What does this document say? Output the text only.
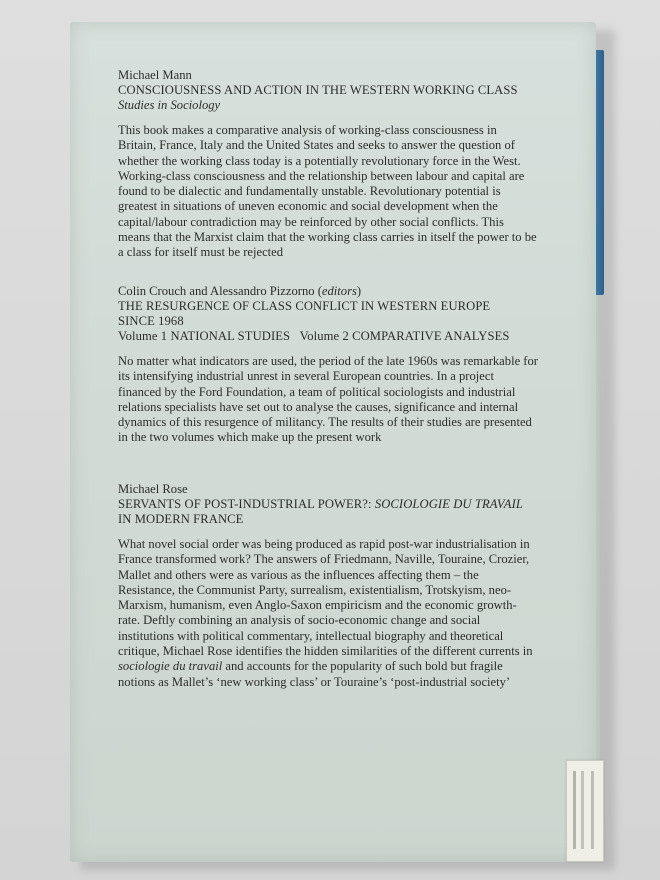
Michael Mann

CONSCIOUSNESS AND ACTION IN THE WESTERN WORKING CLASS

Studies in Sociology

This book makes a comparative analysis of working-class consciousness in Britain, France, Italy and the United States and seeks to answer the question of whether the working class today is a potentially revolutionary force in the West. Working-class consciousness and the relationship between labour and capital are found to be dialectic and fundamentally unstable. Revolutionary potential is greatest in situations of uneven economic and social development when the capital/labour contradiction may be reinforced by other social conflicts. This means that the Marxist claim that the working class carries in itself the power to be a class for itself must be rejected

Colin Crouch and Alessandro Pizzorno (editors)

THE RESURGENCE OF CLASS CONFLICT IN WESTERN EUROPE

SINCE 1968

Volume 1 NATIONAL STUDIES   Volume 2 COMPARATIVE ANALYSES

No matter what indicators are used, the period of the late 1960s was remarkable for its intensifying industrial unrest in several European countries. In a project financed by the Ford Foundation, a team of political sociologists and industrial relations specialists have set out to analyse the causes, significance and internal dynamics of this resurgence of militancy. The results of their studies are presented in the two volumes which make up the present work

Michael Rose

SERVANTS OF POST-INDUSTRIAL POWER?: SOCIOLOGIE DU TRAVAIL IN MODERN FRANCE

What novel social order was being produced as rapid post-war industrialisation in France transformed work? The answers of Friedmann, Naville, Touraine, Crozier, Mallet and others were as various as the influences affecting them – the Resistance, the Communist Party, surrealism, existentialism, Trotskyism, neo-Marxism, humanism, even Anglo-Saxon empiricism and the economic growth-rate. Deftly combining an analysis of socio-economic change and social institutions with political commentary, intellectual biography and theoretical critique, Michael Rose identifies the hidden similarities of the different currents in sociologie du travail and accounts for the popularity of such bold but fragile notions as Mallet’s ‘new working class’ or Touraine’s ‘post-industrial society’
